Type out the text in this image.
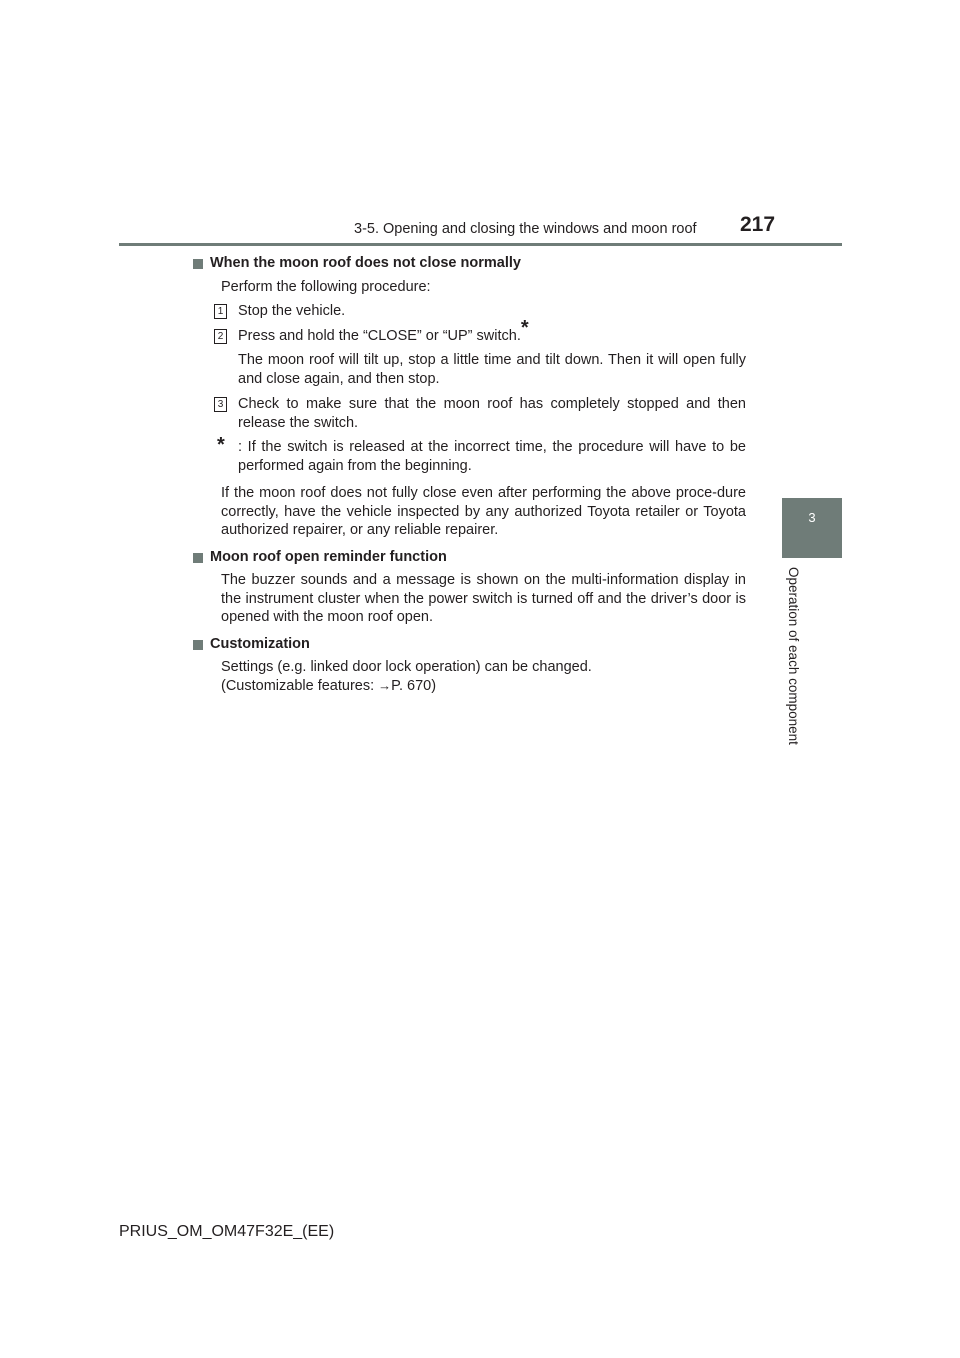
3-5. Opening and closing the windows and moon roof 217
3
Operation of each component
When the moon roof does not close normally
Perform the following procedure:
1 Stop the vehicle.
2 Press and hold the “CLOSE” or “UP” switch.*
The moon roof will tilt up, stop a little time and tilt down. Then it will open fully and close again, and then stop.
3 Check to make sure that the moon roof has completely stopped and then release the switch.
* : If the switch is released at the incorrect time, the procedure will have to be performed again from the beginning.
If the moon roof does not fully close even after performing the above proce-dure correctly, have the vehicle inspected by any authorized Toyota retailer or Toyota authorized repairer, or any reliable repairer.
Moon roof open reminder function
The buzzer sounds and a message is shown on the multi-information display in the instrument cluster when the power switch is turned off and the driver’s door is opened with the moon roof open.
Customization
Settings (e.g. linked door lock operation) can be changed.
(Customizable features: →P. 670)
PRIUS_OM_OM47F32E_(EE)
